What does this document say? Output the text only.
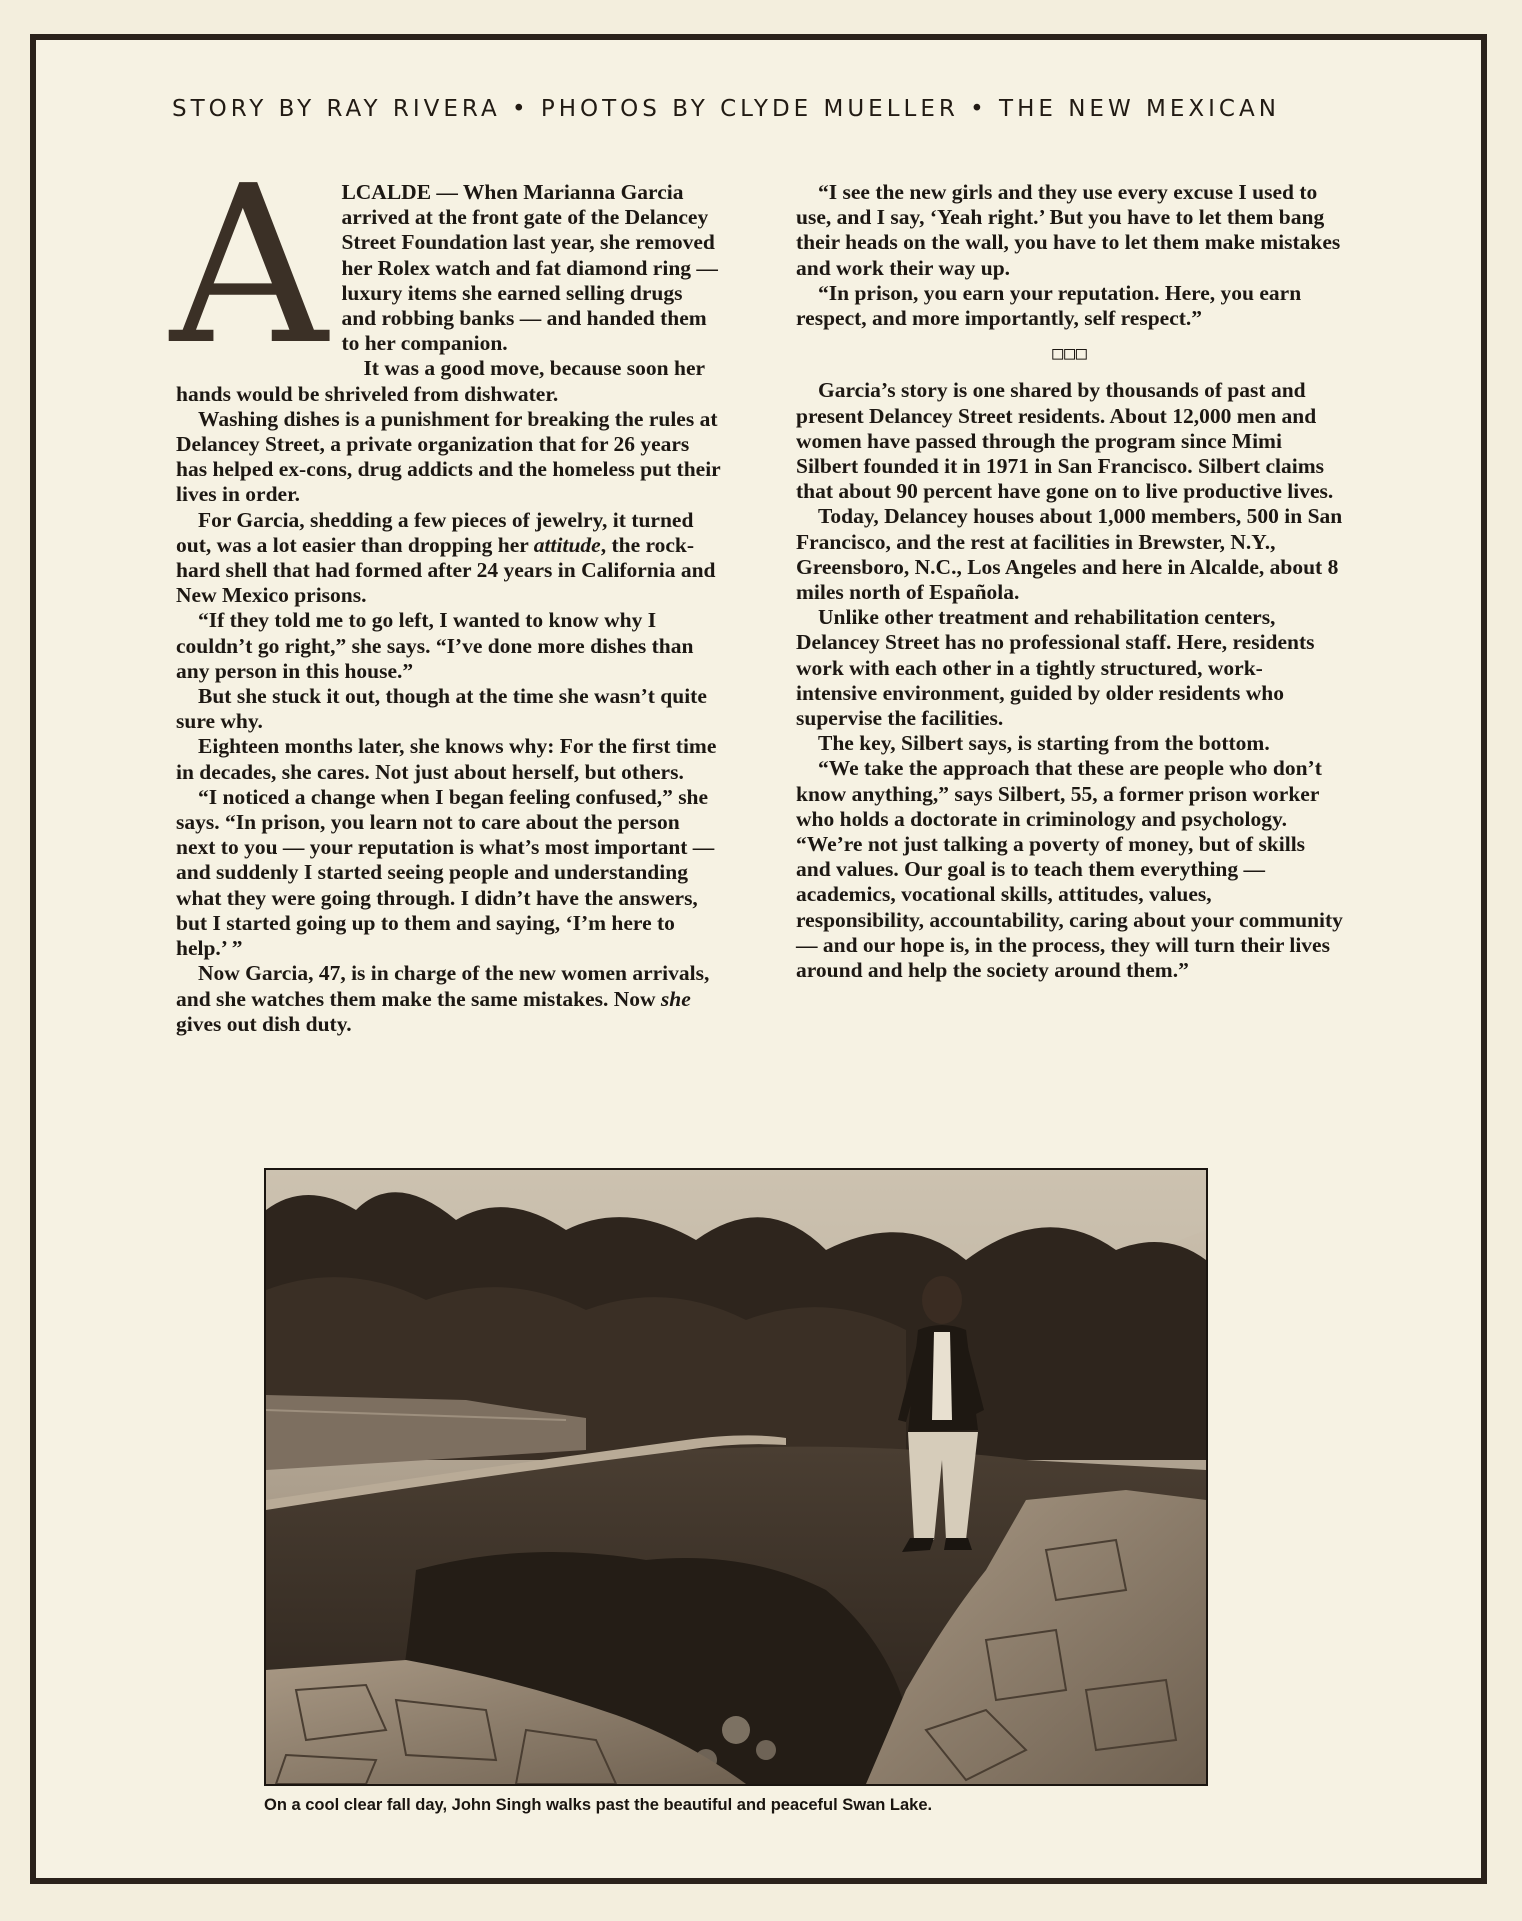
STORY BY RAY RIVERA • PHOTOS BY CLYDE MUELLER • THE NEW MEXICAN
A LCALDE — When Marianna Garcia arrived at the front gate of the Delancey Street Foundation last year, she removed her Rolex watch and fat diamond ring — luxury items she earned selling drugs and robbing banks — and handed them to her companion.

It was a good move, because soon her hands would be shriveled from dishwater.

Washing dishes is a punishment for breaking the rules at Delancey Street, a private organization that for 26 years has helped ex-cons, drug addicts and the homeless put their lives in order.

For Garcia, shedding a few pieces of jewelry, it turned out, was a lot easier than dropping her attitude, the rock-hard shell that had formed after 24 years in California and New Mexico prisons.

“If they told me to go left, I wanted to know why I couldn’t go right,” she says. “I’ve done more dishes than any person in this house.”

But she stuck it out, though at the time she wasn’t quite sure why.

Eighteen months later, she knows why: For the first time in decades, she cares. Not just about herself, but others.

“I noticed a change when I began feeling confused,” she says. “In prison, you learn not to care about the person next to you — your reputation is what’s most important — and suddenly I started seeing people and understanding what they were going through. I didn’t have the answers, but I started going up to them and saying, ‘I’m here to help.’ ”

Now Garcia, 47, is in charge of the new women arrivals, and she watches them make the same mistakes. Now she gives out dish duty.

“I see the new girls and they use every excuse I used to use, and I say, ‘Yeah right.’ But you have to let them bang their heads on the wall, you have to let them make mistakes and work their way up.

“In prison, you earn your reputation. Here, you earn respect, and more importantly, self respect.”

□□□

Garcia’s story is one shared by thousands of past and present Delancey Street residents. About 12,000 men and women have passed through the program since Mimi Silbert founded it in 1971 in San Francisco. Silbert claims that about 90 percent have gone on to live productive lives.

Today, Delancey houses about 1,000 members, 500 in San Francisco, and the rest at facilities in Brewster, N.Y., Greensboro, N.C., Los Angeles and here in Alcalde, about 8 miles north of Española.

Unlike other treatment and rehabilitation centers, Delancey Street has no professional staff. Here, residents work with each other in a tightly structured, work-intensive environment, guided by older residents who supervise the facilities.

The key, Silbert says, is starting from the bottom.

“We take the approach that these are people who don’t know anything,” says Silbert, 55, a former prison worker who holds a doctorate in criminology and psychology. “We’re not just talking a poverty of money, but of skills and values. Our goal is to teach them everything — academics, vocational skills, attitudes, values, responsibility, accountability, caring about your community — and our hope is, in the process, they will turn their lives around and help the society around them.”

On a cool clear fall day, John Singh walks past the beautiful and peaceful Swan Lake.
